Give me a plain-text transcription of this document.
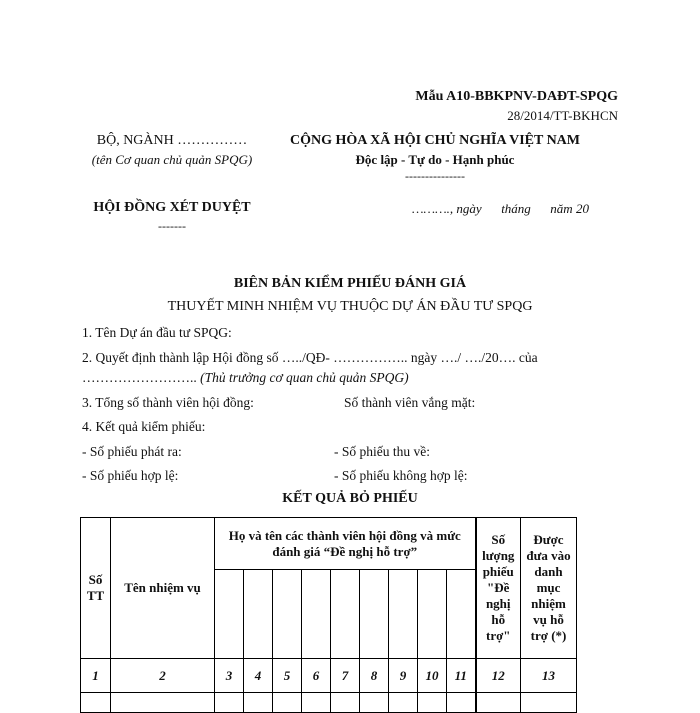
Mẫu A10-BBKPNV-DAĐT-SPQG
28/2014/TT-BKHCN
BỘ, NGÀNH ……………
(tên Cơ quan chủ quản SPQG)
CỘNG HÒA XÃ HỘI CHỦ NGHĨA VIỆT NAM
Độc lập - Tự do - Hạnh phúc
---------------
HỘI ĐỒNG XÉT DUYỆT
-------
………., ngày      tháng      năm 20
BIÊN BẢN KIỂM PHIẾU ĐÁNH GIÁ
THUYẾT MINH NHIỆM VỤ THUỘC DỰ ÁN ĐẦU TƯ SPQG
1. Tên Dự án đầu tư SPQG:
2. Quyết định thành lập Hội đồng số …../QĐ- …………….. ngày …./ …./20…. của
…………………….. (Thủ trưởng cơ quan chủ quản SPQG)
3. Tổng số thành viên hội đồng:	Số thành viên vắng mặt:
4. Kết quả kiểm phiếu:
- Số phiếu phát ra:	- Số phiếu thu về:
- Số phiếu hợp lệ:	- Số phiếu không hợp lệ:
KẾT QUẢ BỎ PHIẾU
Số TT	Tên nhiệm vụ	Họ và tên các thành viên hội đồng và mức đánh giá “Đề nghị hỗ trợ”									Số lượng phiếu "Đề nghị hỗ trợ"	Được đưa vào danh mục nhiệm vụ hỗ trợ (*)

1	2	3	4	5	6	7	8	9	10	11	12	13
